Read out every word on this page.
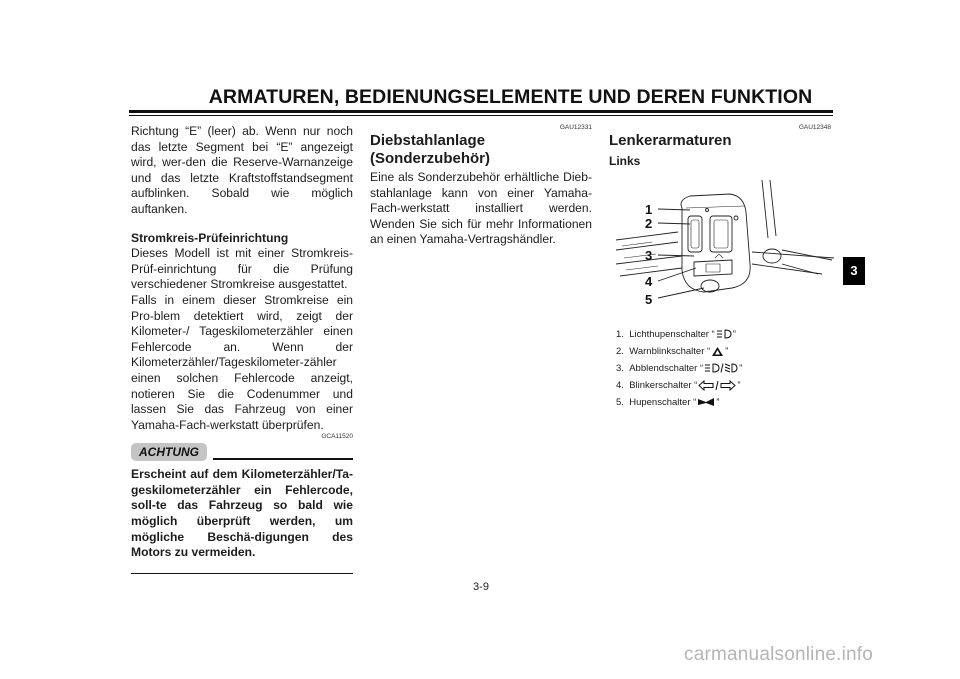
ARMATUREN, BEDIENUNGSELEMENTE UND DEREN FUNKTION

Richtung “E” (leer) ab. Wenn nur noch das letzte Segment bei “E” angezeigt wird, wer-den die Reserve-Warnanzeige und das letzte Kraftstoffstandsegment aufblinken. Sobald wie möglich auftanken.

Stromkreis-Prüfeinrichtung

Dieses Modell ist mit einer Stromkreis-Prüf-einrichtung für die Prüfung verschiedener Stromkreise ausgestattet.

Falls in einem dieser Stromkreise ein Pro-blem detektiert wird, zeigt der Kilometer-/ Tageskilometerzähler einen Fehlercode an. Wenn der Kilometerzähler/Tageskilometer-zähler einen solchen Fehlercode anzeigt, notieren Sie die Codenummer und lassen Sie das Fahrzeug von einer Yamaha-Fach-werkstatt überprüfen.

GCA11520
ACHTUNG

Erscheint auf dem Kilometerzähler/Ta-geskilometerzähler ein Fehlercode, soll-te das Fahrzeug so bald wie möglich überprüft werden, um mögliche Beschä-digungen des Motors zu vermeiden.

GAU12331
Diebstahlanlage
(Sonderzubehör)

Eine als Sonderzubehör erhältliche Dieb-stahlanlage kann von einer Yamaha-Fach-werkstatt installiert werden. Wenden Sie sich für mehr Informationen an einen Yamaha-Vertragshändler.

GAU12348
Lenkerarmaturen
Links
1
2
3
4
5
1. Lichthupenschalter “ ”
2. Warnblinkschalter “ ”
3. Abblendschalter “	”
4. Blinkerschalter “	”
5. Hupenschalter “ ”
3
3-9
carmanualsonline.info
